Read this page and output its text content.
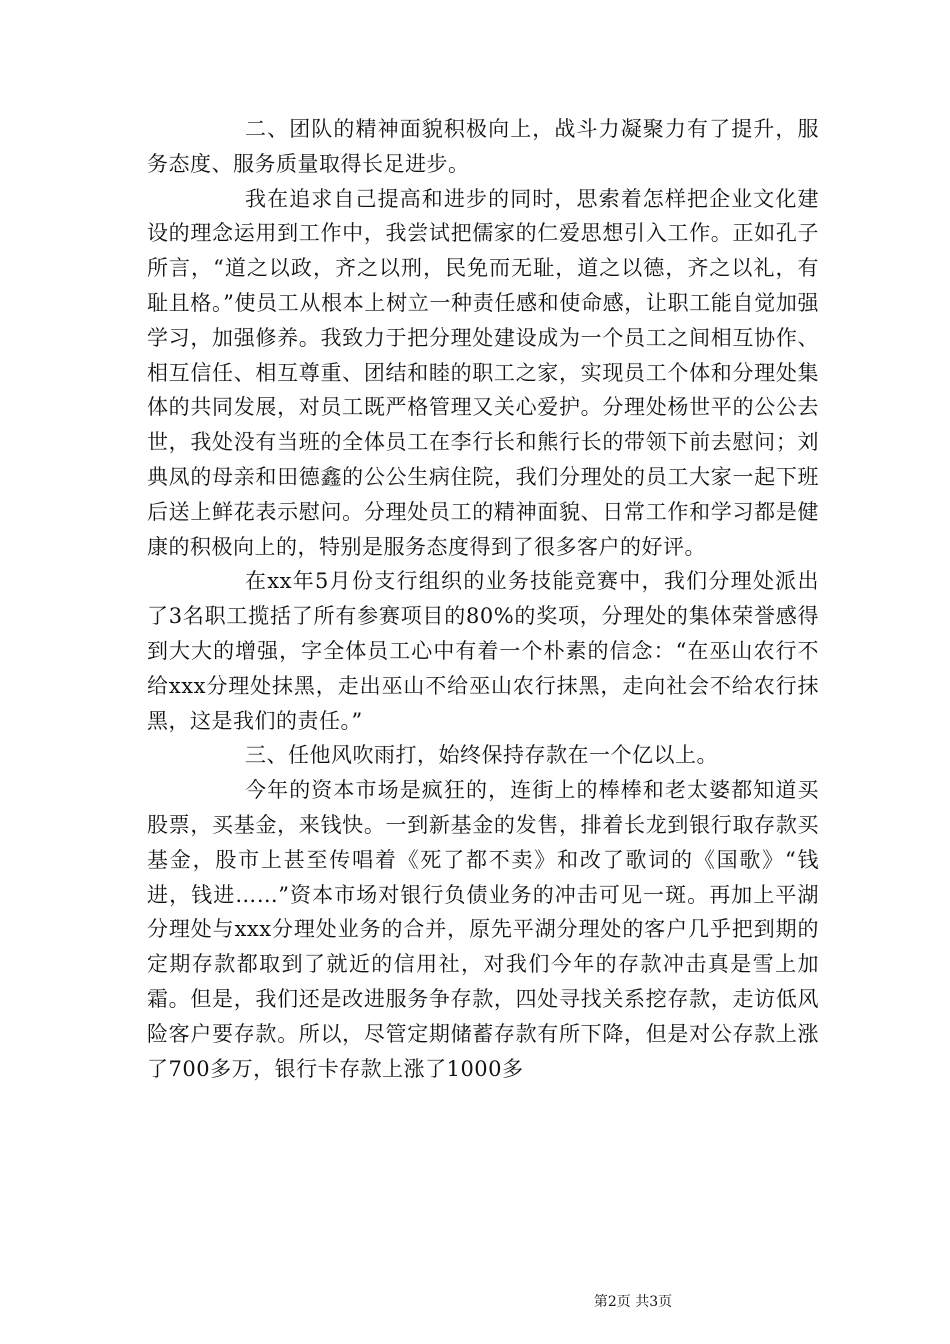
二、团队的精神面貌积极向上，战斗力凝聚力有了提升，服务态度、服务质量取得长足进步。

我在追求自己提高和进步的同时，思索着怎样把企业文化建设的理念运用到工作中，我尝试把儒家的仁爱思想引入工作。正如孔子所言，“道之以政，齐之以刑，民免而无耻，道之以德，齐之以礼，有耻且格。”使员工从根本上树立一种责任感和使命感，让职工能自觉加强学习，加强修养。我致力于把分理处建设成为一个员工之间相互协作、相互信任、相互尊重、团结和睦的职工之家，实现员工个体和分理处集体的共同发展，对员工既严格管理又关心爱护。分理处杨世平的公公去世，我处没有当班的全体员工在李行长和熊行长的带领下前去慰问；刘典凤的母亲和田德鑫的公公生病住院，我们分理处的员工大家一起下班后送上鲜花表示慰问。分理处员工的精神面貌、日常工作和学习都是健康的积极向上的，特别是服务态度得到了很多客户的好评。

在xx年5月份支行组织的业务技能竞赛中，我们分理处派出了3名职工揽括了所有参赛项目的80%的奖项，分理处的集体荣誉感得到大大的增强，字全体员工心中有着一个朴素的信念：“在巫山农行不给xxx分理处抹黑，走出巫山不给巫山农行抹黑，走向社会不给农行抹黑，这是我们的责任。”

三、任他风吹雨打，始终保持存款在一个亿以上。

今年的资本市场是疯狂的，连街上的棒棒和老太婆都知道买股票，买基金，来钱快。一到新基金的发售，排着长龙到银行取存款买基金，股市上甚至传唱着《死了都不卖》和改了歌词的《国歌》“钱进，钱进……”资本市场对银行负债业务的冲击可见一斑。再加上平湖分理处与xxx分理处业务的合并，原先平湖分理处的客户几乎把到期的定期存款都取到了就近的信用社，对我们今年的存款冲击真是雪上加霜。但是，我们还是改进服务争存款，四处寻找关系挖存款，走访低风险客户要存款。所以，尽管定期储蓄存款有所下降，但是对公存款上涨了700多万，银行卡存款上涨了1000多

第2页 共3页
